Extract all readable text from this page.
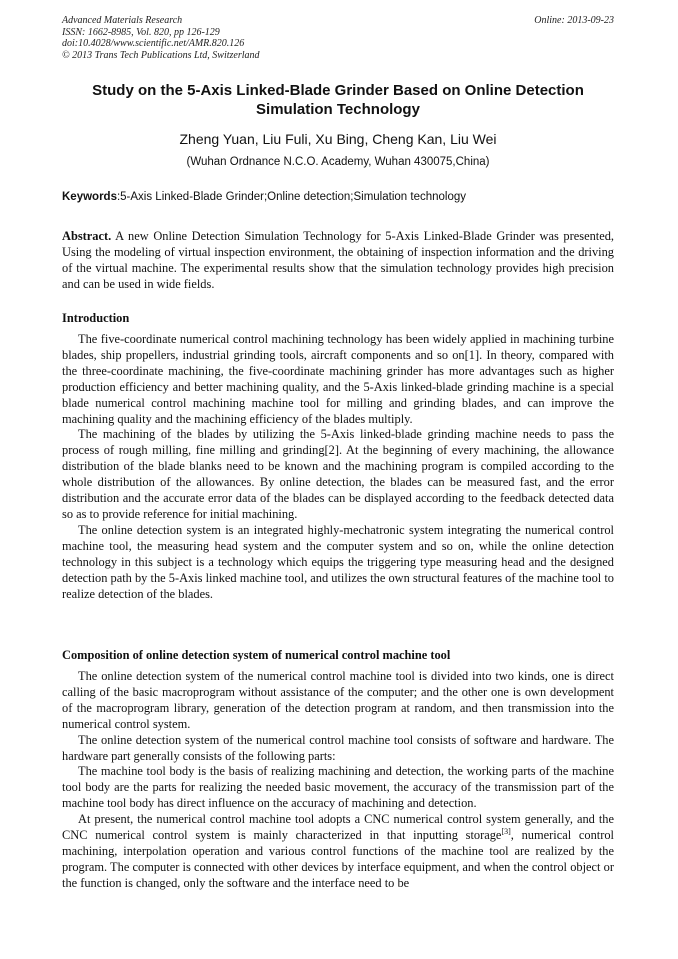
Advanced Materials Research
ISSN: 1662-8985, Vol. 820, pp 126-129
doi:10.4028/www.scientific.net/AMR.820.126
© 2013 Trans Tech Publications Ltd, Switzerland
Online: 2013-09-23
Study on the 5-Axis Linked-Blade Grinder Based on Online Detection Simulation Technology
Zheng Yuan, Liu Fuli, Xu Bing, Cheng Kan, Liu Wei
(Wuhan Ordnance N.C.O. Academy, Wuhan 430075,China)
Keywords:5-Axis Linked-Blade Grinder;Online detection;Simulation technology

Abstract. A new Online Detection Simulation Technology for 5-Axis Linked-Blade Grinder was presented, Using the modeling of virtual inspection environment, the obtaining of inspection information and the driving of the virtual machine. The experimental results show that the simulation technology provides high precision and can be used in wide fields.

Introduction

The five-coordinate numerical control machining technology has been widely applied in machining turbine blades, ship propellers, industrial grinding tools, aircraft components and so on[1]. In theory, compared with the three-coordinate machining, the five-coordinate machining grinder has more advantages such as higher production efficiency and better machining quality, and the 5-Axis linked-blade grinding machine is a special blade numerical control machining machine tool for milling and grinding blades, and can improve the machining quality and the machining efficiency of the blades multiply.

The machining of the blades by utilizing the 5-Axis linked-blade grinding machine needs to pass the process of rough milling, fine milling and grinding[2]. At the beginning of every machining, the allowance distribution of the blade blanks need to be known and the machining program is compiled according to the whole distribution of the allowances. By online detection, the blades can be measured fast, and the error distribution and the accurate error data of the blades can be displayed according to the feedback detected data so as to provide reference for initial machining.

The online detection system is an integrated highly-mechatronic system integrating the numerical control machine tool, the measuring head system and the computer system and so on, while the online detection technology in this subject is a technology which equips the triggering type measuring head and the designed detection path by the 5-Axis linked machine tool, and utilizes the own structural features of the machine tool to realize detection of the blades.

Composition of online detection system of numerical control machine tool

The online detection system of the numerical control machine tool is divided into two kinds, one is direct calling of the basic macroprogram without assistance of the computer; and the other one is own development of the macroprogram library, generation of the detection program at random, and then transmission into the numerical control system.

The online detection system of the numerical control machine tool consists of software and hardware. The hardware part generally consists of the following parts:

The machine tool body is the basis of realizing machining and detection, the working parts of the machine tool body are the parts for realizing the needed basic movement, the accuracy of the transmission part of the machine tool body has direct influence on the accuracy of machining and detection.

At present, the numerical control machine tool adopts a CNC numerical control system generally, and the CNC numerical control system is mainly characterized in that inputting storage[3], numerical control machining, interpolation operation and various control functions of the machine tool are realized by the program. The computer is connected with other devices by interface equipment, and when the control object or the function is changed, only the software and the interface need to be
